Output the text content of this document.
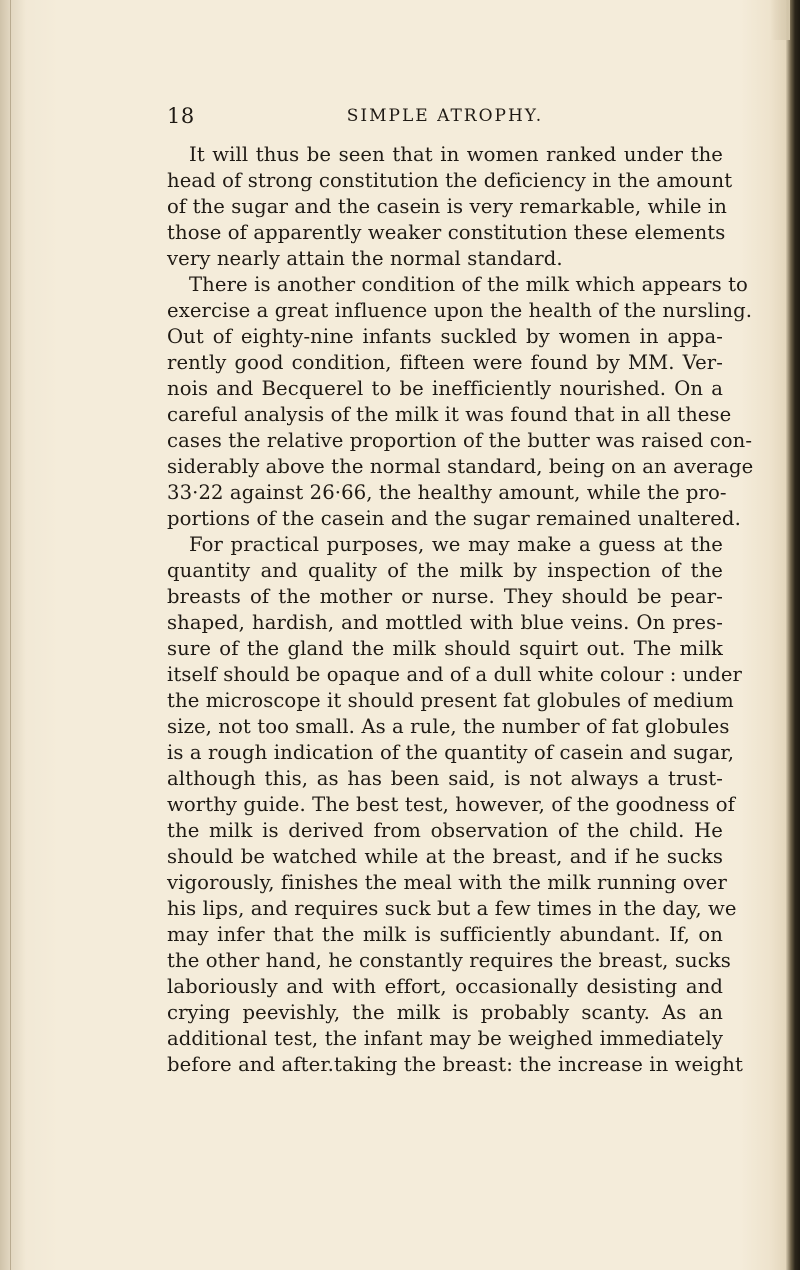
18	SIMPLE ATROPHY.
It will thus be seen that in women ranked under the
head of strong constitution the deficiency in the amount
of the sugar and the casein is very remarkable, while in
those of apparently weaker constitution these elements
very nearly attain the normal standard.
There is another condition of the milk which appears to
exercise a great influence upon the health of the nursling.
Out of eighty-nine infants suckled by women in appa-
rently good condition, fifteen were found by MM. Ver-
nois and Becquerel to be inefficiently nourished. On a
careful analysis of the milk it was found that in all these
cases the relative proportion of the butter was raised con-
siderably above the normal standard, being on an average
33·22 against 26·66, the healthy amount, while the pro-
portions of the casein and the sugar remained unaltered.
For practical purposes, we may make a guess at the
quantity and quality of the milk by inspection of the
breasts of the mother or nurse. They should be pear-
shaped, hardish, and mottled with blue veins. On pres-
sure of the gland the milk should squirt out. The milk
itself should be opaque and of a dull white colour : under
the microscope it should present fat globules of medium
size, not too small. As a rule, the number of fat globules
is a rough indication of the quantity of casein and sugar,
although this, as has been said, is not always a trust-
worthy guide. The best test, however, of the goodness of
the milk is derived from observation of the child. He
should be watched while at the breast, and if he sucks
vigorously, finishes the meal with the milk running over
his lips, and requires suck but a few times in the day, we
may infer that the milk is sufficiently abundant. If, on
the other hand, he constantly requires the breast, sucks
laboriously and with effort, occasionally desisting and
crying peevishly, the milk is probably scanty. As an
additional test, the infant may be weighed immediately
before and after.taking the breast: the increase in weight
